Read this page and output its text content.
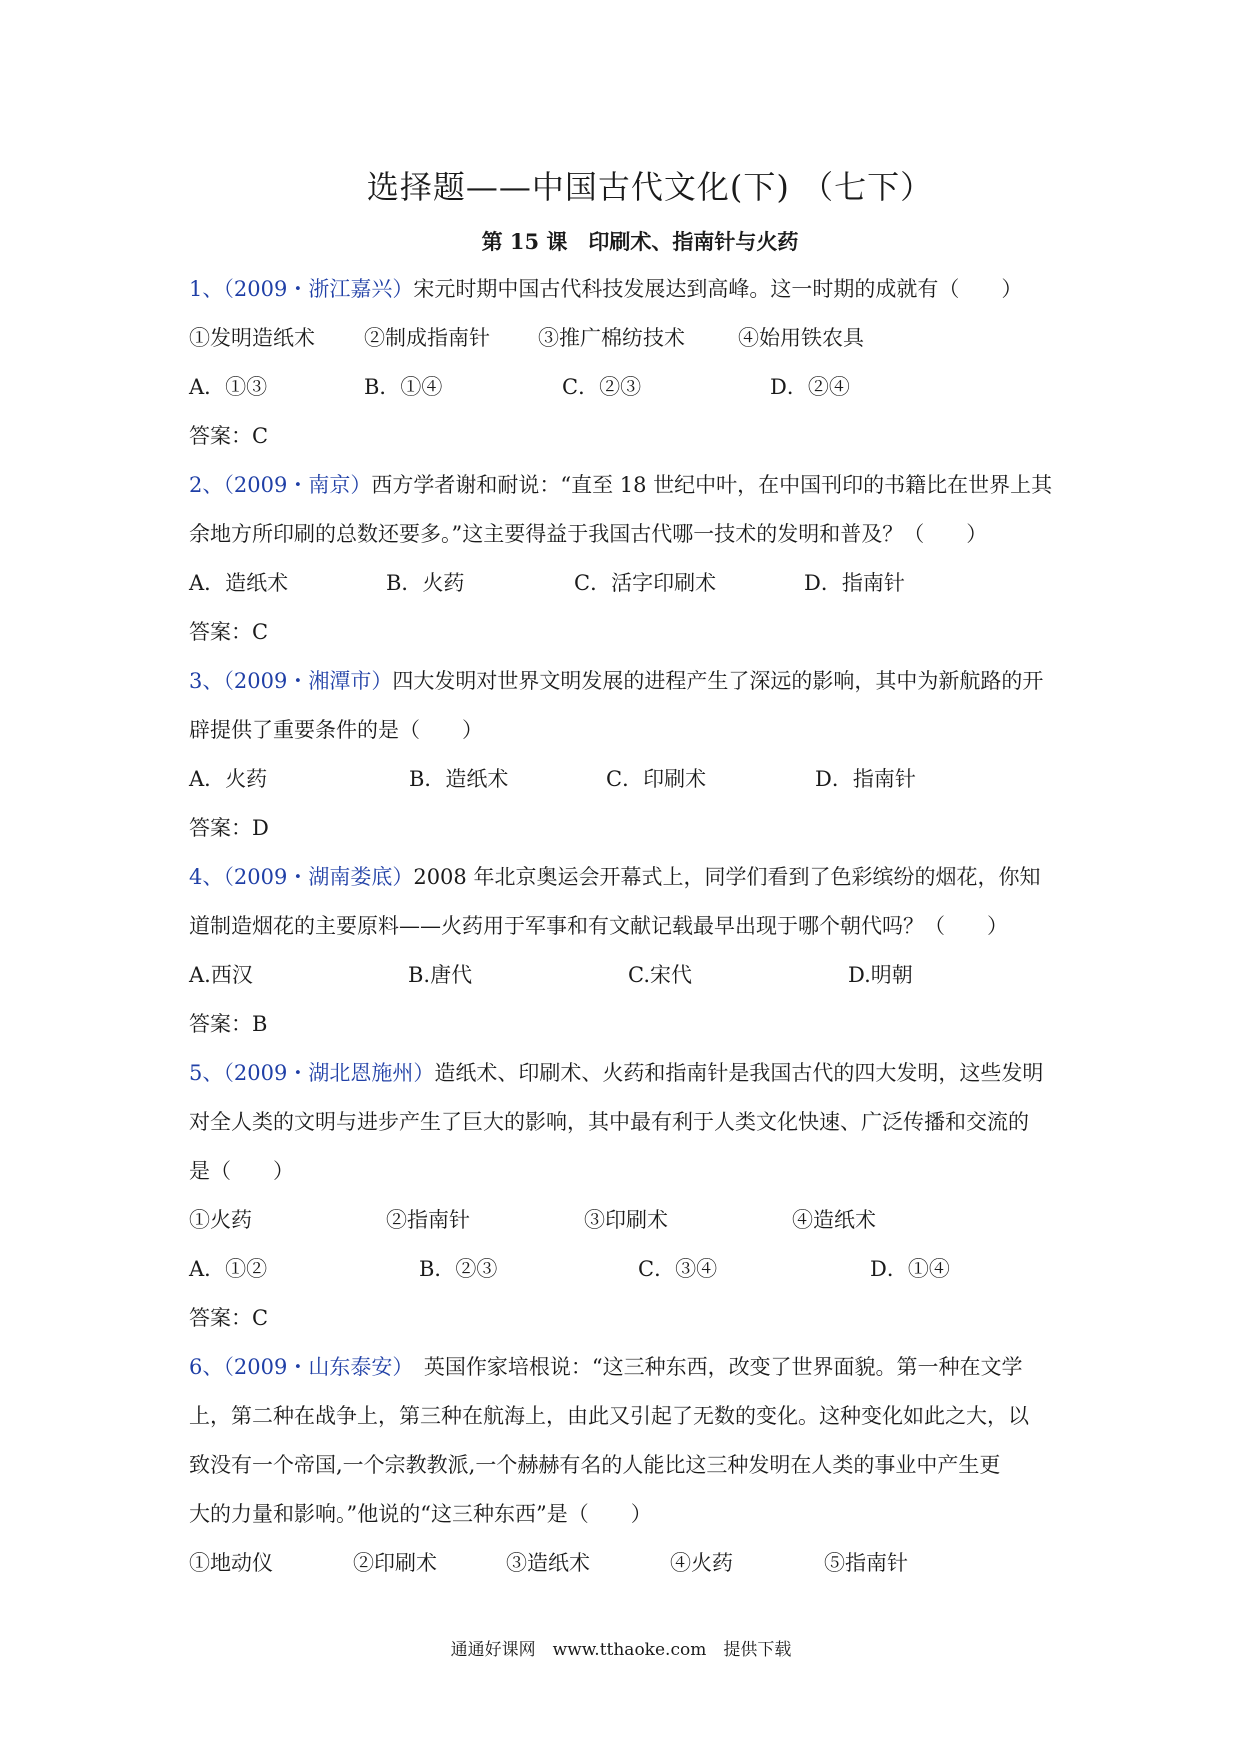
选择题——中国古代文化(下) （七下）
第 15 课　印刷术、指南针与火药
1、（2009・浙江嘉兴）宋元时期中国古代科技发展达到高峰。这一时期的成就有（　　）
①发明造纸术 ②制成指南针 ③推广棉纺技术	④始用铁农具
A．①③	B．①④	C．②③	D．②④
答案：C
2、（2009・南京）西方学者谢和耐说：“直至 18 世纪中叶，在中国刊印的书籍比在世界上其
余地方所印刷的总数还要多。”这主要得益于我国古代哪一技术的发明和普及？（　　）
A．造纸术	B．火药	C．活字印刷术	D．指南针
答案：C
3、（2009・湘潭市）四大发明对世界文明发展的进程产生了深远的影响，其中为新航路的开
辟提供了重要条件的是（　　）
A．火药	B．造纸术	C．印刷术	D．指南针
答案：D
4、（2009・湖南娄底）2008 年北京奥运会开幕式上，同学们看到了色彩缤纷的烟花，你知
道制造烟花的主要原料——火药用于军事和有文献记载最早出现于哪个朝代吗？（　　）
A.西汉	B.唐代	C.宋代	D.明朝
答案：B
5、（2009・湖北恩施州）造纸术、印刷术、火药和指南针是我国古代的四大发明，这些发明
对全人类的文明与进步产生了巨大的影响，其中最有利于人类文化快速、广泛传播和交流的
是（　　）
①火药	②指南针	③印刷术	④造纸术
A．①②	B．②③	C．③④	D．①④
答案：C
6、（2009・山东泰安）　英国作家培根说：“这三种东西，改变了世界面貌。第一种在文学
上，第二种在战争上，第三种在航海上，由此又引起了无数的变化。这种变化如此之大，以
致没有一个帝国,一个宗教教派,一个赫赫有名的人能比这三种发明在人类的事业中产生更
大的力量和影响。”他说的“这三种东西”是（　　）
①地动仪	②印刷术	③造纸术	④火药	⑤指南针
通通好课网　www.tthaoke.com　提供下载
